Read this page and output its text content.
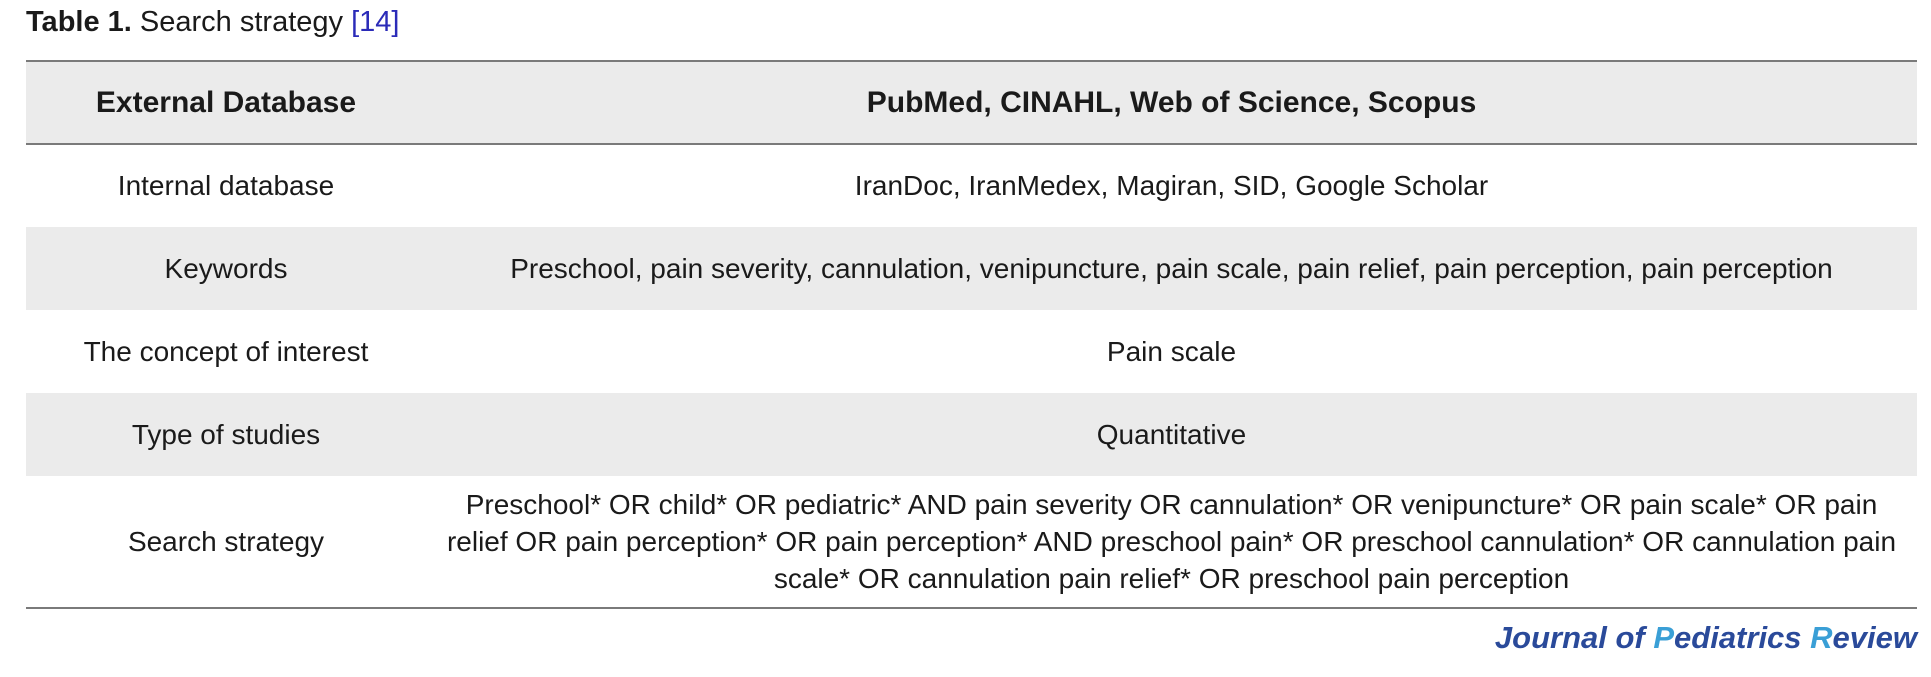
Table 1. Search strategy [14]
External Database	PubMed, CINAHL, Web of Science, Scopus
Internal database	IranDoc, IranMedex, Magiran, SID, Google Scholar
Keywords	Preschool, pain severity, cannulation, venipuncture, pain scale, pain relief, pain perception, pain perception
The concept of interest	Pain scale
Type of studies	Quantitative
Search strategy	Preschool* OR child* OR pediatric* AND pain severity OR cannulation* OR venipuncture* OR pain scale* OR pain relief OR pain perception* OR pain perception* AND preschool pain* OR preschool cannulation* OR cannulation pain scale* OR cannulation pain relief* OR preschool pain perception
Journal of Pediatrics Review
